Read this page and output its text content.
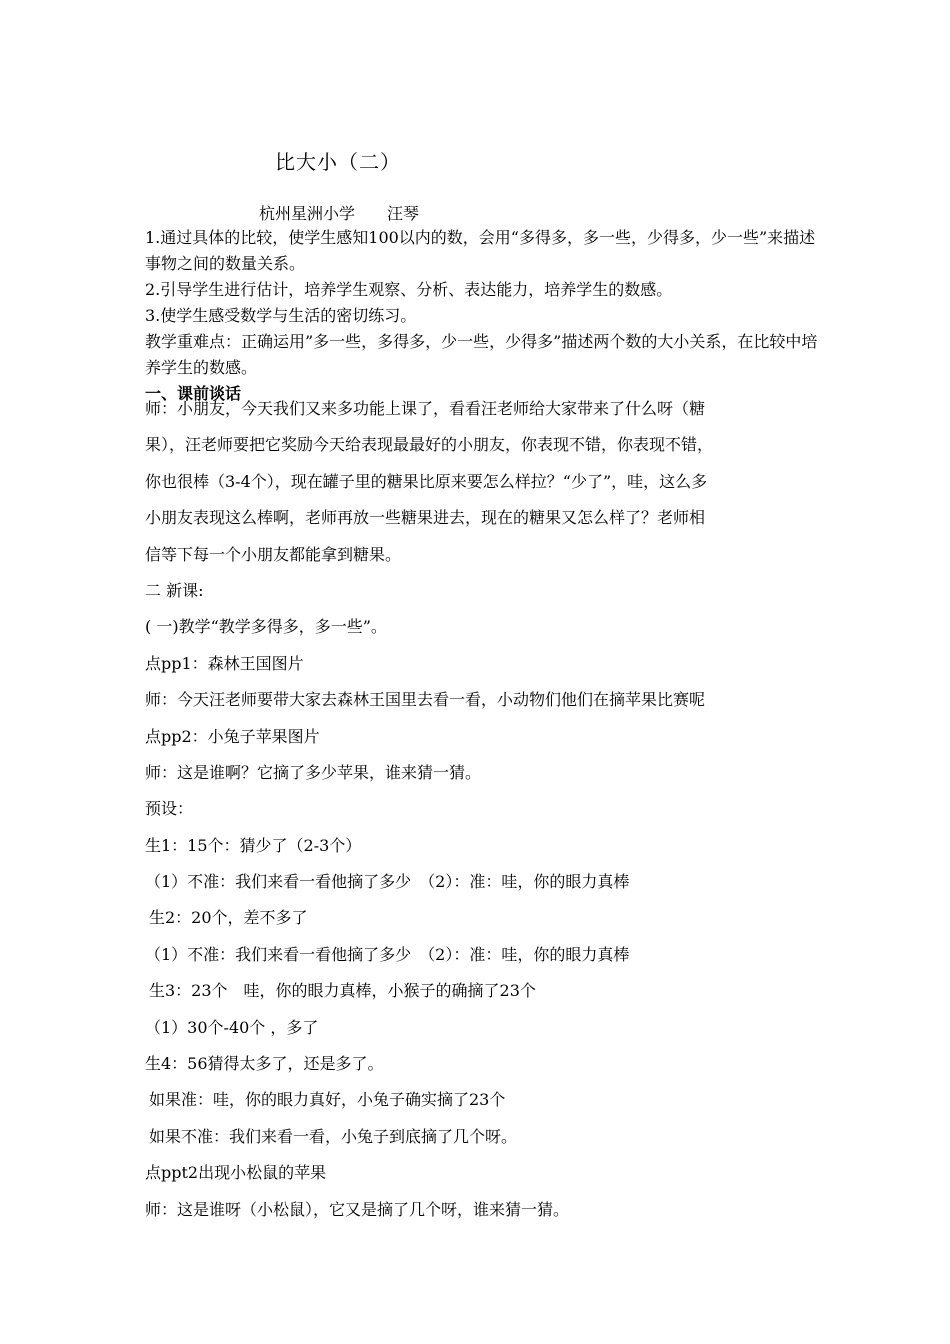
比大小（二）
杭州星洲小学　　汪琴

1.通过具体的比较，使学生感知100以内的数，会用“多得多，多一些，少得多，少一些”来描述事物之间的数量关系。

2.引导学生进行估计，培养学生观察、分析、表达能力，培养学生的数感。

3.使学生感受数学与生活的密切练习。

教学重难点：正确运用”多一些，多得多，少一些，少得多”描述两个数的大小关系，在比较中培养学生的数感。

一、课前谈话

师：小朋友，今天我们又来多功能上课了，看看汪老师给大家带来了什么呀（糖
果），汪老师要把它奖励今天给表现最最好的小朋友，你表现不错，你表现不错，
你也很棒（3-4个），现在罐子里的糖果比原来要怎么样拉？“少了”，哇，这么多
小朋友表现这么棒啊，老师再放一些糖果进去，现在的糖果又怎么样了？老师相
信等下每一个小朋友都能拿到糖果。
二 新课:
( 一)教学“教学多得多，多一些”。
点pp1：森林王国图片
师：今天汪老师要带大家去森林王国里去看一看，小动物们他们在摘苹果比赛呢
点pp2：小兔子苹果图片
师：这是谁啊？它摘了多少苹果，谁来猜一猜。
预设：
生1：15个：猜少了（2-3个）
（1）不准：我们来看一看他摘了多少　（2）：准：哇，你的眼力真棒
生2：20个，差不多了
（1）不准：我们来看一看他摘了多少　（2）：准：哇，你的眼力真棒
生3：23个　哇，你的眼力真棒，小猴子的确摘了23个
（1）30个-40个 ，多了
生4：56猜得太多了，还是多了。
如果准：哇，你的眼力真好，小兔子确实摘了23个
如果不准：我们来看一看，小兔子到底摘了几个呀。
点ppt2出现小松鼠的苹果
师：这是谁呀（小松鼠），它又是摘了几个呀，谁来猜一猜。
